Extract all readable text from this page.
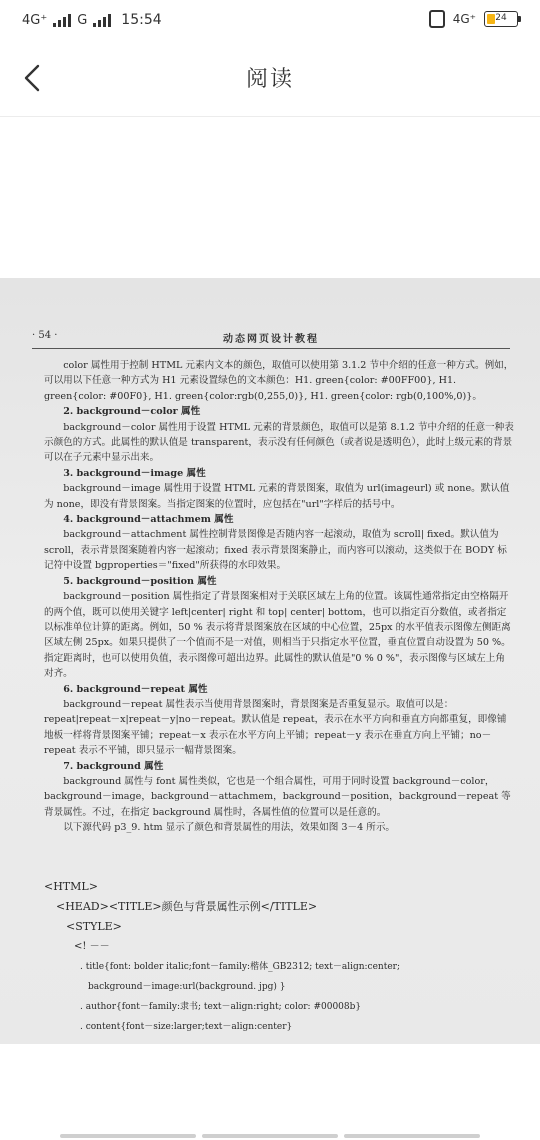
4G⁺ G 15:54	4G⁺	24
阅读
· 54 ·	动态网页设计教程

color 属性用于控制 HTML 元素内文本的颜色，取值可以使用第 3.1.2 节中介绍的任意一种方式。例如，可以用以下任意一种方式为 H1 元素设置绿色的文本颜色：H1. green{color: #00FF00}, H1. green{color: #00F0}, H1. green{color:rgb(0,255,0)}, H1. green{color: rgb(0,100%,0)}。

2. background－color 属性

background－color 属性用于设置 HTML 元素的背景颜色，取值可以是第 8.1.2 节中介绍的任意一种表示颜色的方式。此属性的默认值是 transparent，表示没有任何颜色（或者说是透明色），此时上级元素的背景可以在子元素中显示出来。

3. background－image 属性

background－image 属性用于设置 HTML 元素的背景图案，取值为 url(imageurl) 或 none。默认值为 none，即没有背景图案。当指定图案的位置时，应包括在"url"字样后的括号中。

4. background－attachmem 属性

background－attachment 属性控制背景图像是否随内容一起滚动，取值为 scroll| fixed。默认值为 scroll，表示背景图案随着内容一起滚动；fixed 表示背景图案静止，而内容可以滚动，这类似于在 BODY 标记符中设置 bgproperties＝"fixed"所获得的水印效果。

5. background－position 属性

background－position 属性指定了背景图案相对于关联区域左上角的位置。该属性通常指定由空格隔开的两个值，既可以使用关键字 left|center| right 和 top| center| bottom，也可以指定百分数值，或者指定以标准单位计算的距离。例如，50 % 表示将背景图案放在区域的中心位置，25px 的水平值表示图像左侧距离区域左侧 25px。如果只提供了一个值而不是一对值，则相当于只指定水平位置，垂直位置自动设置为 50 %。指定距离时，也可以使用负值，表示图像可超出边界。此属性的默认值是"0 % 0 %"，表示图像与区域左上角对齐。

6. background－repeat 属性

background－repeat 属性表示当使用背景图案时，背景图案是否重复显示。取值可以是：repeat|repeat－x|repeat－y|no－repeat。默认值是 repeat，表示在水平方向和垂直方向都重复，即像铺地板一样将背景图案平铺；repeat－x 表示在水平方向上平铺；repeat－y 表示在垂直方向上平铺；no－repeat 表示不平铺，即只显示一幅背景图案。

7. background 属性

background 属性与 font 属性类似，它也是一个组合属性，可用于同时设置 background－color，background－image，background－attachmem，background－position，background－repeat 等背景属性。不过，在指定 background 属性时，各属性值的位置可以是任意的。

以下源代码 p3_9. htm 显示了颜色和背景属性的用法，效果如图 3－4 所示。

<HTML>
<HEAD><TITLE>颜色与背景属性示例</TITLE>
<STYLE>
<! －－
. title{font: bolder italic;font－family:楷体_GB2312; text－align:center;
background－image:url(background. jpg) }
. author{font－family:隶书; text－align:right; color: #00008b}
. content{font－size:larger;text－align:center}
